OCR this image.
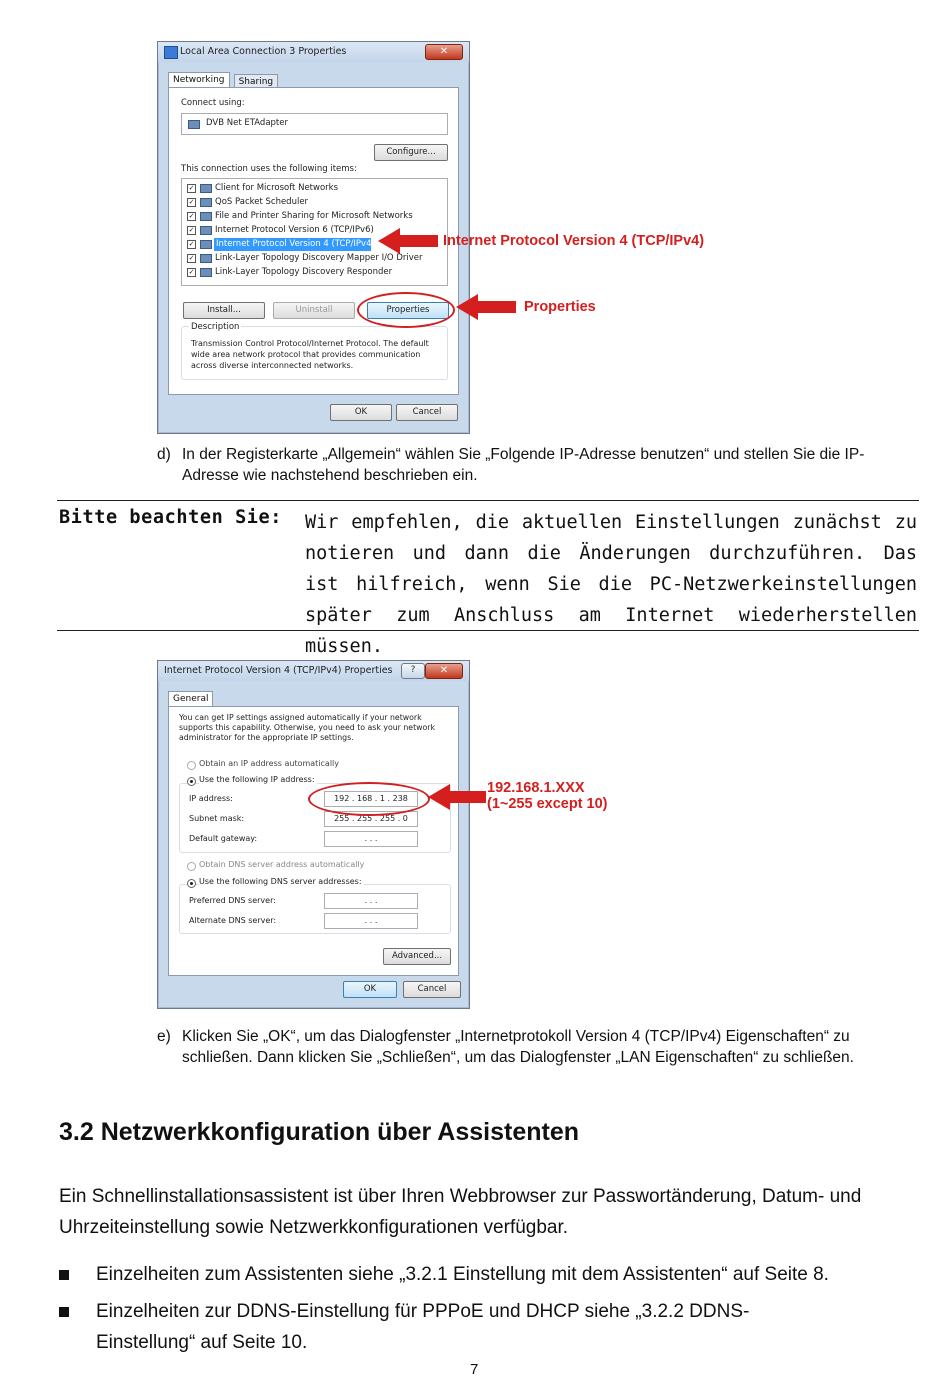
Local Area Connection 3 Properties	✕
Networking Sharing
Connect using:
DVB Net ETAdapter
Configure...
This connection uses the following items:
✓ Client for Microsoft Networks
✓ QoS Packet Scheduler
✓ File and Printer Sharing for Microsoft Networks
✓ Internet Protocol Version 6 (TCP/IPv6)
✓	Internet Protocol Version 4 (TCP/IPv4)
✓ Link-Layer Topology Discovery Mapper I/O Driver
✓ Link-Layer Topology Discovery Responder
Install...	Uninstall	Properties
Description
Transmission Control Protocol/Internet Protocol. The default wide area network protocol that provides communication across diverse interconnected networks.
OK	Cancel
Internet Protocol Version 4 (TCP/IPv4)
Properties
d) In der Registerkarte „Allgemein“ wählen Sie „Folgende IP-Adresse benutzen“ und stellen Sie die IP-Adresse wie nachstehend beschrieben ein.
Bitte beachten Sie: Wir empfehlen, die aktuellen Einstellungen zunächst zu notieren und dann die Änderungen durchzuführen. Das ist hilfreich, wenn Sie die PC-Netzwerkeinstellungen später zum Anschluss am Internet wiederherstellen müssen.
Internet Protocol Version 4 (TCP/IPv4) Properties	?	✕
General
You can get IP settings assigned automatically if your network supports this capability. Otherwise, you need to ask your network administrator for the appropriate IP settings.
Obtain an IP address automatically
Use the following IP address:
IP address:	192 . 168 . 1 . 238
Subnet mask:	255 . 255 . 255 . 0
Default gateway:	. . .
Obtain DNS server address automatically
Use the following DNS server addresses:
Preferred DNS server:	. . .
Alternate DNS server:	. . .
Advanced...
OK	Cancel
192.168.1.XXX
(1~255 except 10)
e) Klicken Sie „OK“, um das Dialogfenster „Internetprotokoll Version 4 (TCP/IPv4) Eigenschaften“ zu schließen. Dann klicken Sie „Schließen“, um das Dialogfenster „LAN Eigenschaften“ zu schließen.
3.2 Netzwerkkonfiguration über Assistenten
Ein Schnellinstallationsassistent ist über Ihren Webbrowser zur Passwortänderung, Datum- und Uhrzeiteinstellung sowie Netzwerkkonfigurationen verfügbar.
Einzelheiten zum Assistenten siehe „3.2.1 Einstellung mit dem Assistenten“ auf Seite 8.
Einzelheiten zur DDNS-Einstellung für PPPoE und DHCP siehe „3.2.2 DDNS-Einstellung“ auf Seite 10.
7
